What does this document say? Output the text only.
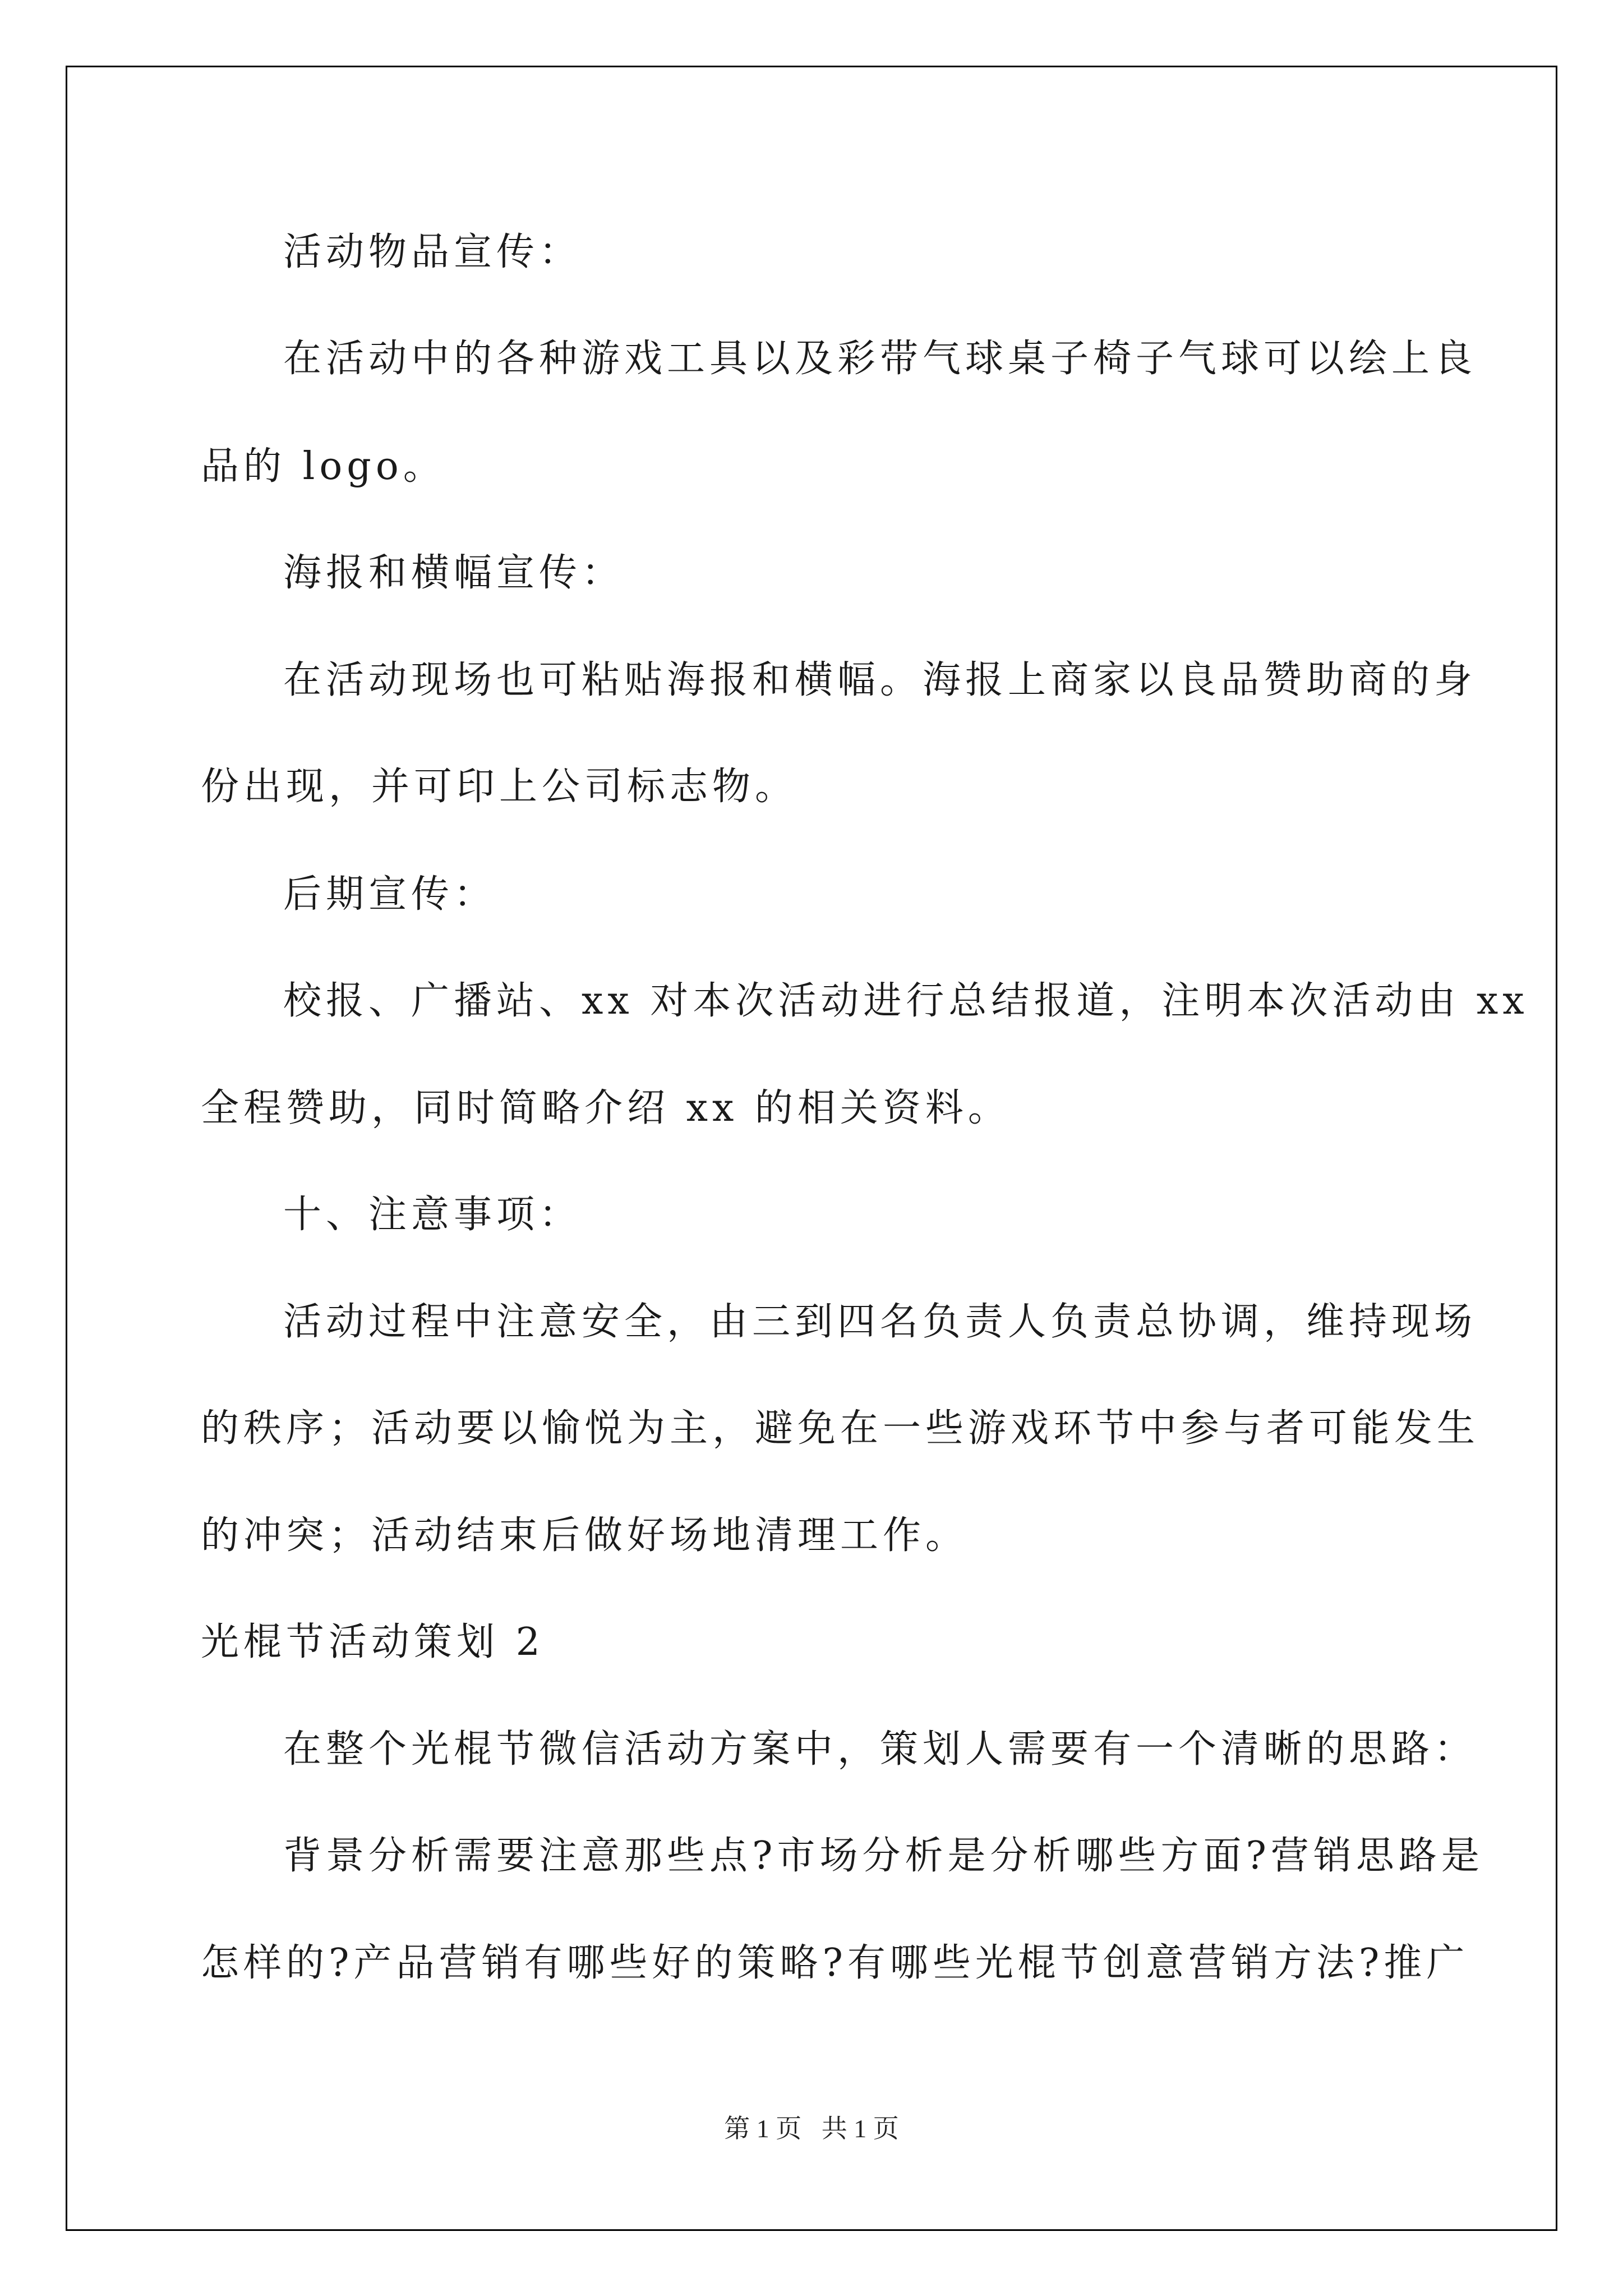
活动物品宣传：
在活动中的各种游戏工具以及彩带气球桌子椅子气球可以绘上良
品的 logo。
海报和横幅宣传：
在活动现场也可粘贴海报和横幅。海报上商家以良品赞助商的身
份出现，并可印上公司标志物。
后期宣传：
校报、广播站、xx 对本次活动进行总结报道，注明本次活动由 xx
全程赞助，同时简略介绍 xx 的相关资料。
十、注意事项：
活动过程中注意安全，由三到四名负责人负责总协调，维持现场
的秩序；活动要以愉悦为主，避免在一些游戏环节中参与者可能发生
的冲突；活动结束后做好场地清理工作。
光棍节活动策划 2
在整个光棍节微信活动方案中，策划人需要有一个清晰的思路：
背景分析需要注意那些点?市场分析是分析哪些方面?营销思路是
怎样的?产品营销有哪些好的策略?有哪些光棍节创意营销方法?推广
第 1 页 共 1 页
